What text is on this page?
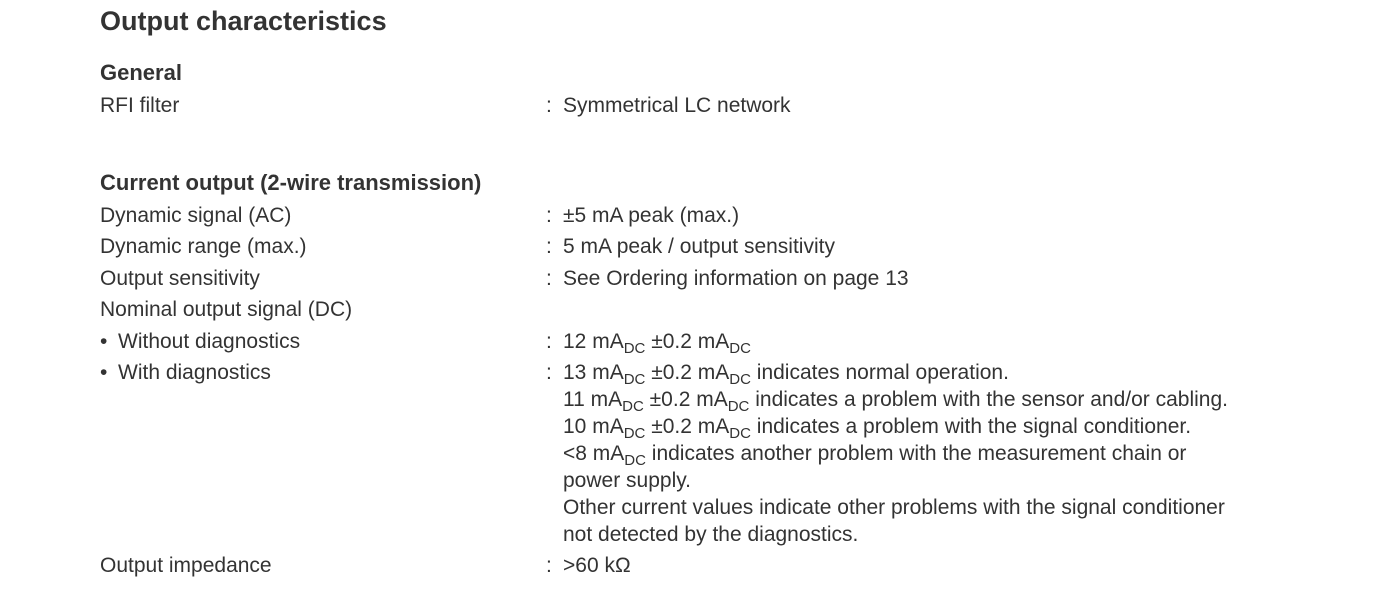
Output characteristics
General
RFI filter	: Symmetrical LC network
Current output (2-wire transmission)
Dynamic signal (AC)	: ±5 mA peak (max.)
Dynamic range (max.)	: 5 mA peak / output sensitivity
Output sensitivity	: See Ordering information on page 13
Nominal output signal (DC)
• Without diagnostics	: 12 $mA_{DC} \pm 0.2$ $mA_{DC}$
• With diagnostics	: 13 $mA_{DC} \pm 0.2$ $mA_{DC}$ indicates normal operation.
11 $mA_{DC} \pm 0.2$ $mA_{DC}$ indicates a problem with the sensor and/or cabling.
10 $mA_{DC} \pm 0.2$ $mA_{DC}$ indicates a problem with the signal conditioner.
<8 $mA_{DC}$ indicates another problem with the measurement chain or
power supply.
Other current values indicate other problems with the signal conditioner
not detected by the diagnostics.
Output impedance	: >60 kΩ
